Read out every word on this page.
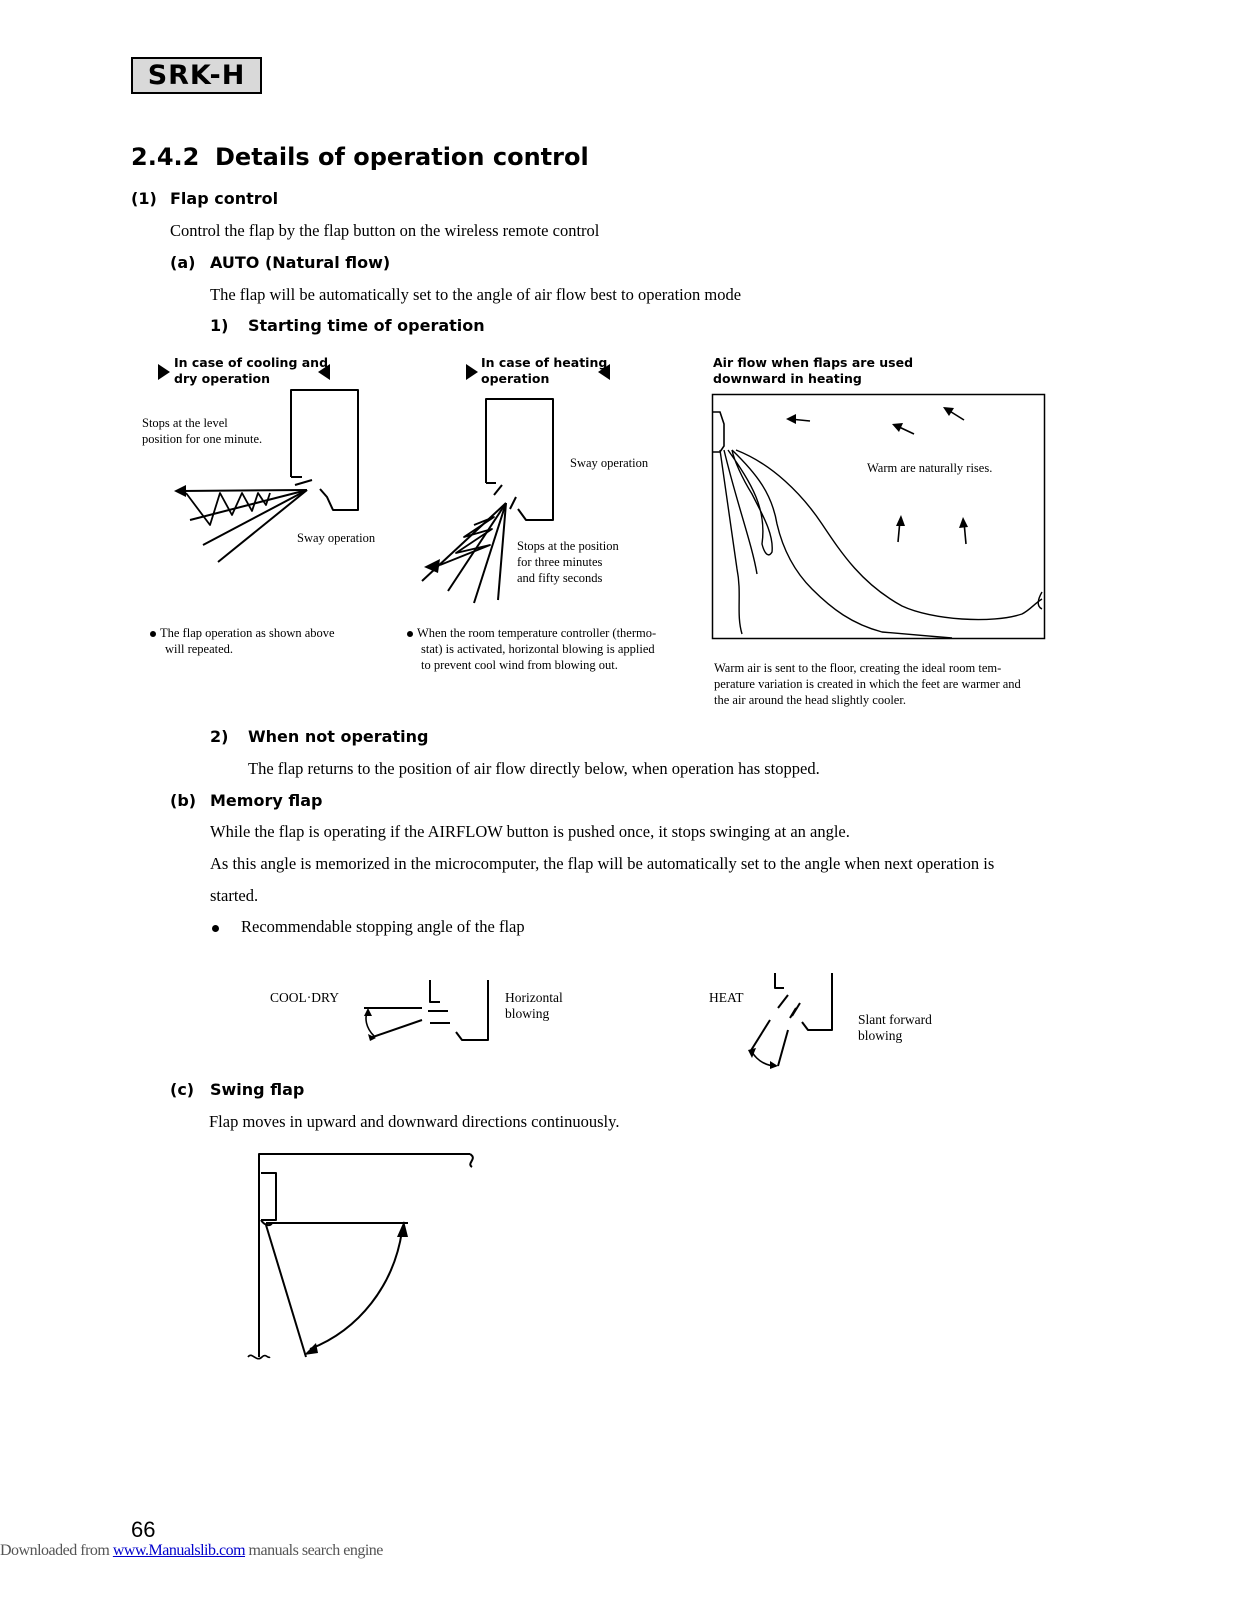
SRK-H
2.4.2 Details of operation control
(1) Flap control
Control the flap by the flap button on the wireless remote control
(a) AUTO (Natural flow)
The flap will be automatically set to the angle of air flow best to operation mode
1) Starting time of operation
In case of cooling and
dry operation
Stops at the level
position for one minute.
Sway operation
The flap operation as shown above
will repeated.
In case of heating
operation
Sway operation
Stops at the position
for three minutes
and fifty seconds
When the room temperature controller (thermo-
stat) is activated, horizontal blowing is applied
to prevent cool wind from blowing out.
Air flow when flaps are used
downward in heating
Warm are naturally rises.
Warm air is sent to the floor, creating the ideal room tem-
perature variation is created in which the feet are warmer and
the air around the head slightly cooler.
2) When not operating
The flap returns to the position of air flow directly below, when operation has stopped.
(b) Memory flap
While the flap is operating if the AIRFLOW button is pushed once, it stops swinging at an angle.
As this angle is memorized in the microcomputer, the flap will be automatically set to the angle when next operation is
started.
Recommendable stopping angle of the flap
COOL·DRY	Horizontal
blowing
HEAT
Slant forward
blowing
(c) Swing flap
Flap moves in upward and downward directions continuously.
66
Downloaded from www.Manualslib.com manuals search engine
